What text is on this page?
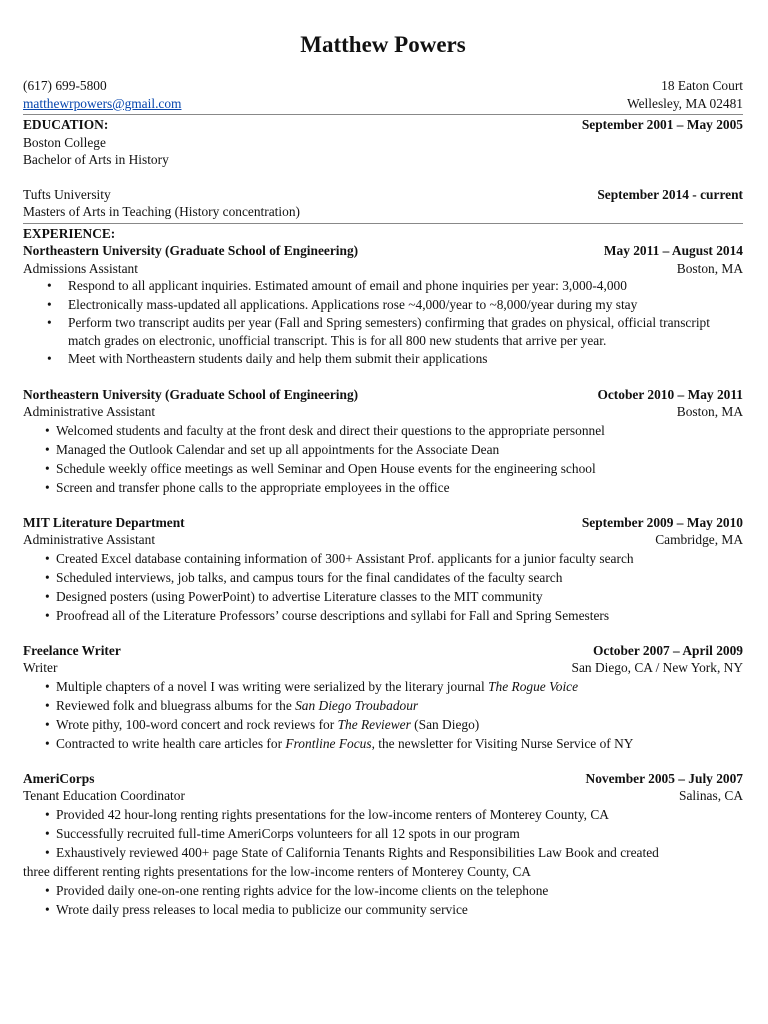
Matthew Powers
(617) 699-5800	18 Eaton Court
matthewrpowers@gmail.com	Wellesley, MA 02481
EDUCATION:	September 2001 – May 2005
Boston College
Bachelor of Arts in History
Tufts University	September 2014 - current
Masters of Arts in Teaching (History concentration)
EXPERIENCE:
Northeastern University (Graduate School of Engineering)	May 2011 – August 2014
Admissions Assistant	Boston, MA
• Respond to all applicant inquiries. Estimated amount of email and phone inquiries per year: 3,000-4,000
• Electronically mass-updated all applications. Applications rose ~4,000/year to ~8,000/year during my stay
• Perform two transcript audits per year (Fall and Spring semesters) confirming that grades on physical, official transcript match grades on electronic, unofficial transcript. This is for all 800 new students that arrive per year.
• Meet with Northeastern students daily and help them submit their applications
Northeastern University (Graduate School of Engineering)	October 2010 – May 2011
Administrative Assistant	Boston, MA
• Welcomed students and faculty at the front desk and direct their questions to the appropriate personnel
• Managed the Outlook Calendar and set up all appointments for the Associate Dean
• Schedule weekly office meetings as well Seminar and Open House events for the engineering school
• Screen and transfer phone calls to the appropriate employees in the office
MIT Literature Department	September 2009 – May 2010
Administrative Assistant	Cambridge, MA
• Created Excel database containing information of 300+ Assistant Prof. applicants for a junior faculty search
• Scheduled interviews, job talks, and campus tours for the final candidates of the faculty search
• Designed posters (using PowerPoint) to advertise Literature classes to the MIT community
• Proofread all of the Literature Professors’ course descriptions and syllabi for Fall and Spring Semesters
Freelance Writer	October 2007 – April 2009
Writer	San Diego, CA / New York, NY
• Multiple chapters of a novel I was writing were serialized by the literary journal The Rogue Voice
• Reviewed folk and bluegrass albums for the San Diego Troubadour
• Wrote pithy, 100-word concert and rock reviews for The Reviewer (San Diego)
• Contracted to write health care articles for Frontline Focus, the newsletter for Visiting Nurse Service of NY
AmeriCorps	November 2005 – July 2007
Tenant Education Coordinator	Salinas, CA
• Provided 42 hour-long renting rights presentations for the low-income renters of Monterey County, CA
• Successfully recruited full-time AmeriCorps volunteers for all 12 spots in our program
• Exhaustively reviewed 400+ page State of California Tenants Rights and Responsibilities Law Book and created
three different renting rights presentations for the low-income renters of Monterey County, CA
• Provided daily one-on-one renting rights advice for the low-income clients on the telephone
• Wrote daily press releases to local media to publicize our community service
